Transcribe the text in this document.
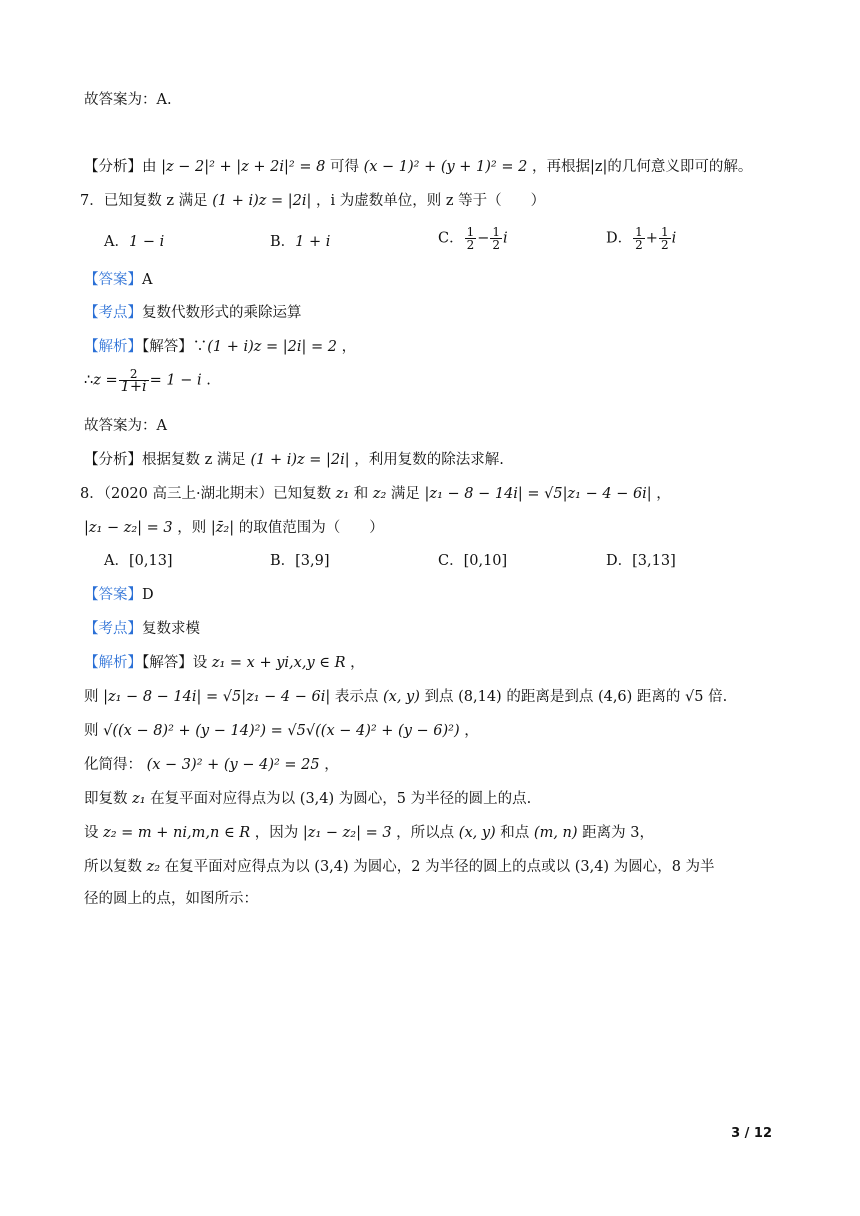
故答案为：A.
【分析】由 |z − 2|² + |z + 2i|² = 8 可得 (x − 1)² + (y + 1)² = 2 ，再根据|z|的几何意义即可的解。
7．已知复数 z 满足 (1 + i)z = |2i| ，i 为虚数单位，则 z 等于（　　）
A．1 − i	B．1 + i	C． $\frac{1}{2} - \frac{1}{2}$ i	D． $\frac{1}{2} + \frac{1}{2}$ i
【答案】A
【考点】复数代数形式的乘除运算
【解析】【解答】∵(1 + i)z = |2i| = 2 ，
∴z = $\frac{2}{1+i} = 1 - i$ .
故答案为：A
【分析】根据复数 z 满足 (1 + i)z = |2i| ，利用复数的除法求解.
8．（2020 高三上·湖北期末）已知复数 z₁ 和 z₂ 满足 |z₁ − 8 − 14i| = √5|z₁ − 4 − 6i| ，
|z₁ − z₂| = 3 ，则 |z̄₂| 的取值范围为（　　）
A．[0,13]	B．[3,9]	C．[0,10]	D．[3,13]
【答案】D
【考点】复数求模
【解析】【解答】设 z₁ = x + yi,x,y ∈ R ，
则 |z₁ − 8 − 14i| = √5|z₁ − 4 − 6i| 表示点 (x, y) 到点 (8,14) 的距离是到点 (4,6) 距离的 √5 倍.
则 √((x − 8)² + (y − 14)²) = √5√((x − 4)² + (y − 6)²) ，
化简得： (x − 3)² + (y − 4)² = 25 ，
即复数 z₁ 在复平面对应得点为以 (3,4) 为圆心，5 为半径的圆上的点.
设 z₂ = m + ni,m,n ∈ R ，因为 |z₁ − z₂| = 3 ，所以点 (x, y) 和点 (m, n) 距离为 3，
所以复数 z₂ 在复平面对应得点为以 (3,4) 为圆心，2 为半径的圆上的点或以 (3,4) 为圆心，8 为半
径的圆上的点，如图所示：
3 / 12
